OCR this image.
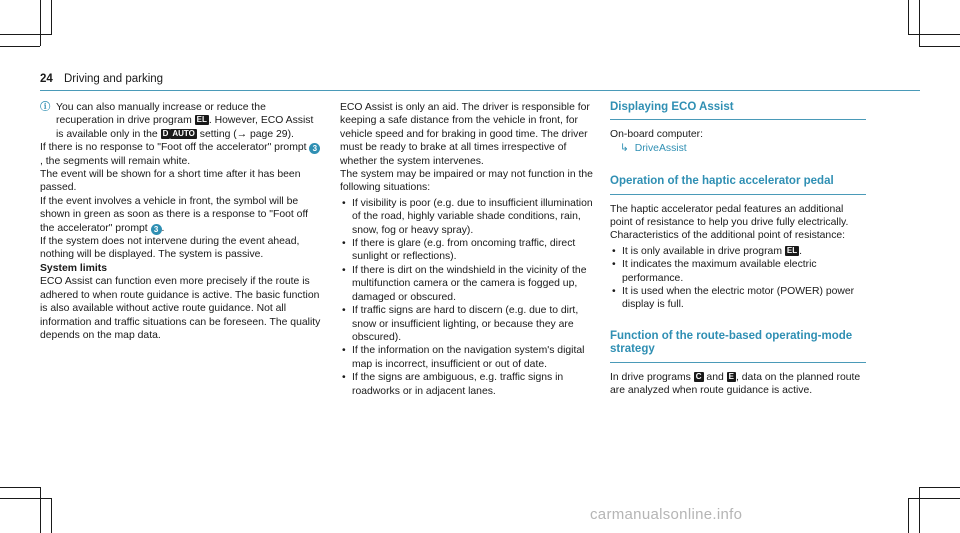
24 Driving and parking
ⓘ You can also manually increase or reduce the recuperation in drive program EL . However, ECO Assist is available only in the D AUTO setting (→ page 29).

If there is no response to "Foot off the accelerator" prompt 3, the segments will remain white.

The event will be shown for a short time after it has been passed.

If the event involves a vehicle in front, the symbol will be shown in green as soon as there is a response to "Foot off the accelerator" prompt 3 .

If the system does not intervene during the event ahead, nothing will be displayed. The system is passive.

System limits

ECO Assist can function even more precisely if the route is adhered to when route guidance is active. The basic function is also available without active route guidance. Not all information and traffic situations can be foreseen. The quality depends on the map data.

ECO Assist is only an aid. The driver is responsible for keeping a safe distance from the vehicle in front, for vehicle speed and for braking in good time. The driver must be ready to brake at all times irrespective of whether the system intervenes.

The system may be impaired or may not function in the following situations:

• If visibility is poor (e.g. due to insufficient illumination of the road, highly variable shade conditions, rain, snow, fog or heavy spray).
• If there is glare (e.g. from oncoming traffic, direct sunlight or reflections).
• If there is dirt on the windshield in the vicinity of the multifunction camera or the camera is fogged up, damaged or obscured.
• If traffic signs are hard to discern (e.g. due to dirt, snow or insufficient lighting, or because they are obscured).
• If the information on the navigation system's digital map is incorrect, insufficient or out of date.
• If the signs are ambiguous, e.g. traffic signs in roadworks or in adjacent lanes.
Displaying ECO Assist

On-board computer:

↳ DriveAssist

Operation of the haptic accelerator pedal

The haptic accelerator pedal features an additional point of resistance to help you drive fully electrically.

Characteristics of the additional point of resistance:

• It is only available in drive program EL .
• It indicates the maximum available electric performance.
• It is used when the electric motor (POWER) power display is full.
Function of the route-based operating-mode strategy

In drive programs C and E , data on the planned route are analyzed when route guidance is active.

carmanualsonline.info
